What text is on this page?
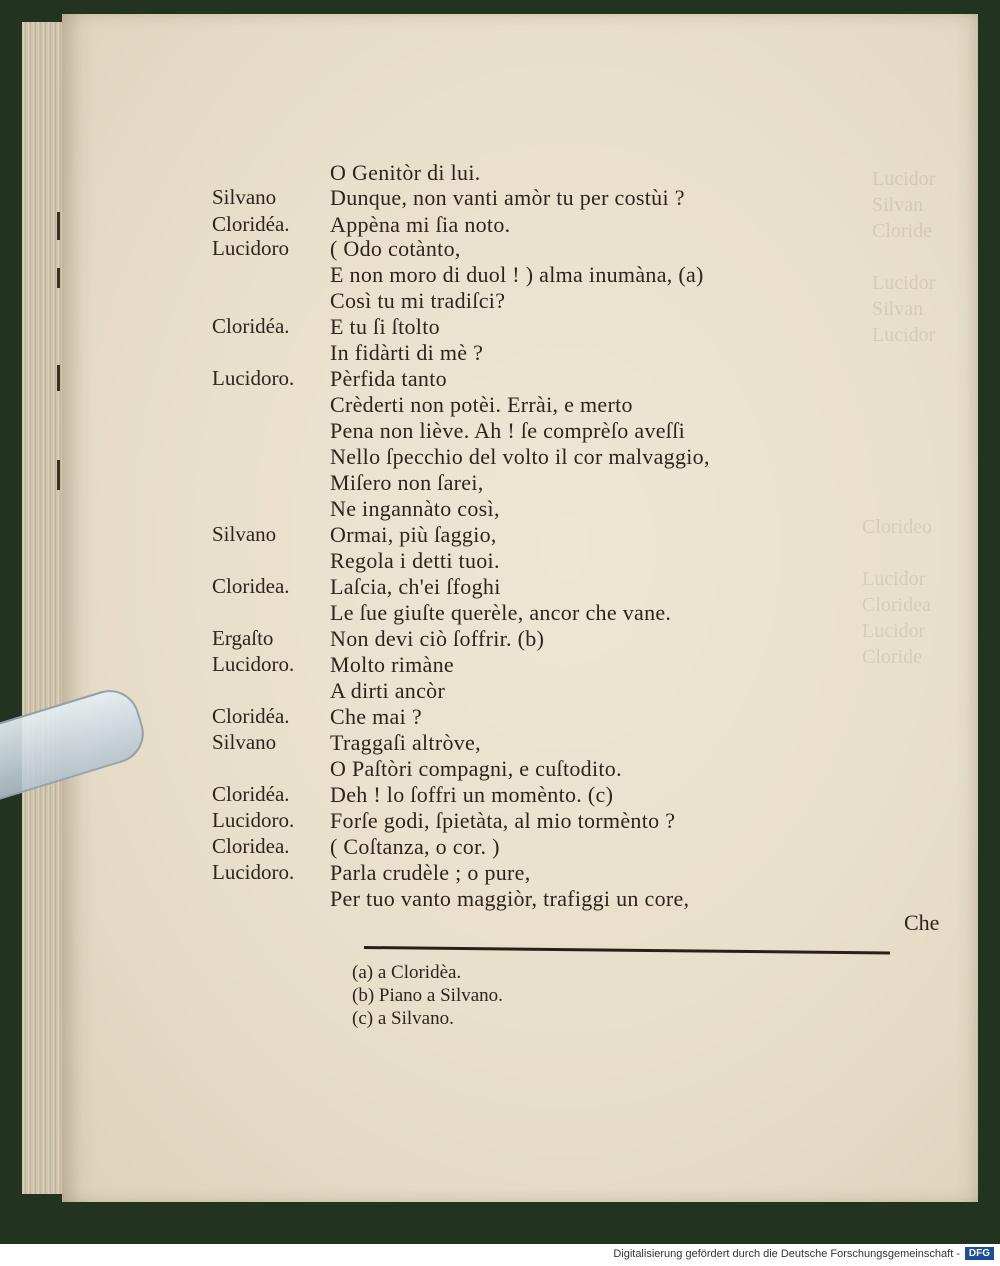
Lucidor
Silvan
Cloride

Lucidor
Silvan
Lucidor
Clorideo

Lucidor
Cloridea
Lucidor
Cloride
O Genitòr di lui.
Dunque, non vanti amòr tu per costùi ?
Silvano
Appèna mi ſia noto.
Cloridéa.
( Odo cotànto,
Lucidoro
E non moro di duol ! ) alma inumàna, (a)
Così tu mi tradiſci?
E tu ſi ſtolto
Cloridéa.
In fidàrti di mè ?
Pèrfida tanto
Lucidoro.
Crèderti non potèi. Errài, e merto
Pena non liève. Ah ! ſe comprèſo aveſſi
Nello ſpecchio del volto il cor malvaggio,
Miſero non ſarei,
Ne ingannàto così,
Ormai, più ſaggio,
Silvano
Regola i detti tuoi.
Laſcia, ch'ei ſfoghi
Cloridea.
Le ſue giuſte querèle, ancor che vane.
Non devi ciò ſoffrir. (b)
Ergaſto
Molto rimàne
Lucidoro.
A dirti ancòr
Che mai ?
Cloridéa.
Traggaſi altròve,
Silvano
O Paſtòri compagni, e cuſtodito.
Deh ! lo ſoffri un momènto. (c)
Cloridéa.
Forſe godi, ſpietàta, al mio tormènto ?
Lucidoro.
( Coſtanza, o cor. )
Cloridea.
Parla crudèle ; o pure,
Lucidoro.
Per tuo vanto maggiòr, trafiggi un core,
Che
(a) a Cloridèa.
(b) Piano a Silvano.
(c) a Silvano.
Digitalisierung gefördert durch die Deutsche Forschungsgemeinschaft - DFG
